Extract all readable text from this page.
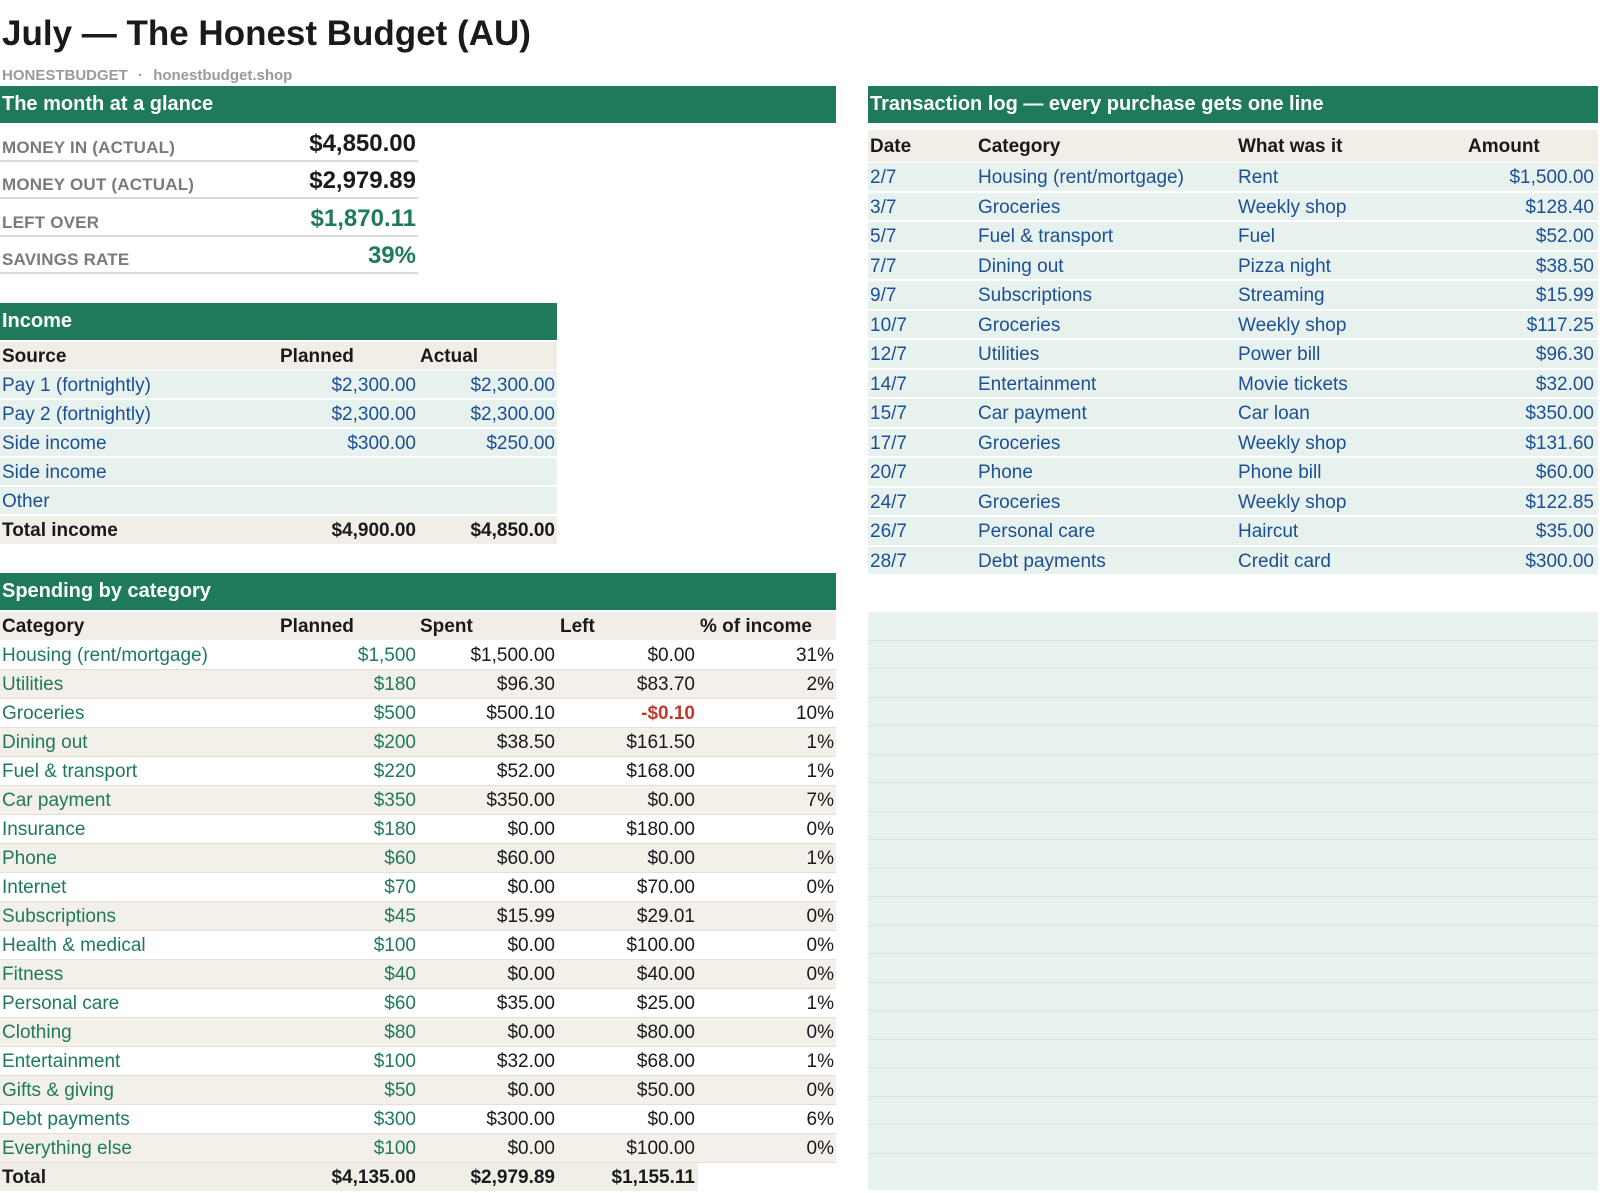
July — The Honest Budget (AU)
HONESTBUDGET · honestbudget.shop
The month at a glance
MONEY IN (ACTUAL)	$4,850.00
MONEY OUT (ACTUAL)	$2,979.89
LEFT OVER	$1,870.11
SAVINGS RATE	39%
Income
Source	Planned	Actual
Pay 1 (fortnightly)	$2,300.00	$2,300.00
Pay 2 (fortnightly)	$2,300.00	$2,300.00
Side income	$300.00	$250.00
Side income
Other
Total income	$4,900.00	$4,850.00
Spending by category
Category	Planned	Spent	Left	% of income
Housing (rent/mortgage)	$1,500	$1,500.00	$0.00	31%
Utilities	$180	$96.30	$83.70	2%
Groceries	$500	$500.10	-$0.10	10%
Dining out	$200	$38.50	$161.50	1%
Fuel & transport	$220	$52.00	$168.00	1%
Car payment	$350	$350.00	$0.00	7%
Insurance	$180	$0.00	$180.00	0%
Phone	$60	$60.00	$0.00	1%
Internet	$70	$0.00	$70.00	0%
Subscriptions	$45	$15.99	$29.01	0%
Health & medical	$100	$0.00	$100.00	0%
Fitness	$40	$0.00	$40.00	0%
Personal care	$60	$35.00	$25.00	1%
Clothing	$80	$0.00	$80.00	0%
Entertainment	$100	$32.00	$68.00	1%
Gifts & giving	$50	$0.00	$50.00	0%
Debt payments	$300	$300.00	$0.00	6%
Everything else	$100	$0.00	$100.00	0%
Total	$4,135.00	$2,979.89	$1,155.11
Transaction log — every purchase gets one line
Date	Category	What was it	Amount
2/7	Housing (rent/mortgage)	Rent	$1,500.00
3/7	Groceries	Weekly shop	$128.40
5/7	Fuel & transport	Fuel	$52.00
7/7	Dining out	Pizza night	$38.50
9/7	Subscriptions	Streaming	$15.99
10/7	Groceries	Weekly shop	$117.25
12/7	Utilities	Power bill	$96.30
14/7	Entertainment	Movie tickets	$32.00
15/7	Car payment	Car loan	$350.00
17/7	Groceries	Weekly shop	$131.60
20/7	Phone	Phone bill	$60.00
24/7	Groceries	Weekly shop	$122.85
26/7	Personal care	Haircut	$35.00
28/7	Debt payments	Credit card	$300.00
